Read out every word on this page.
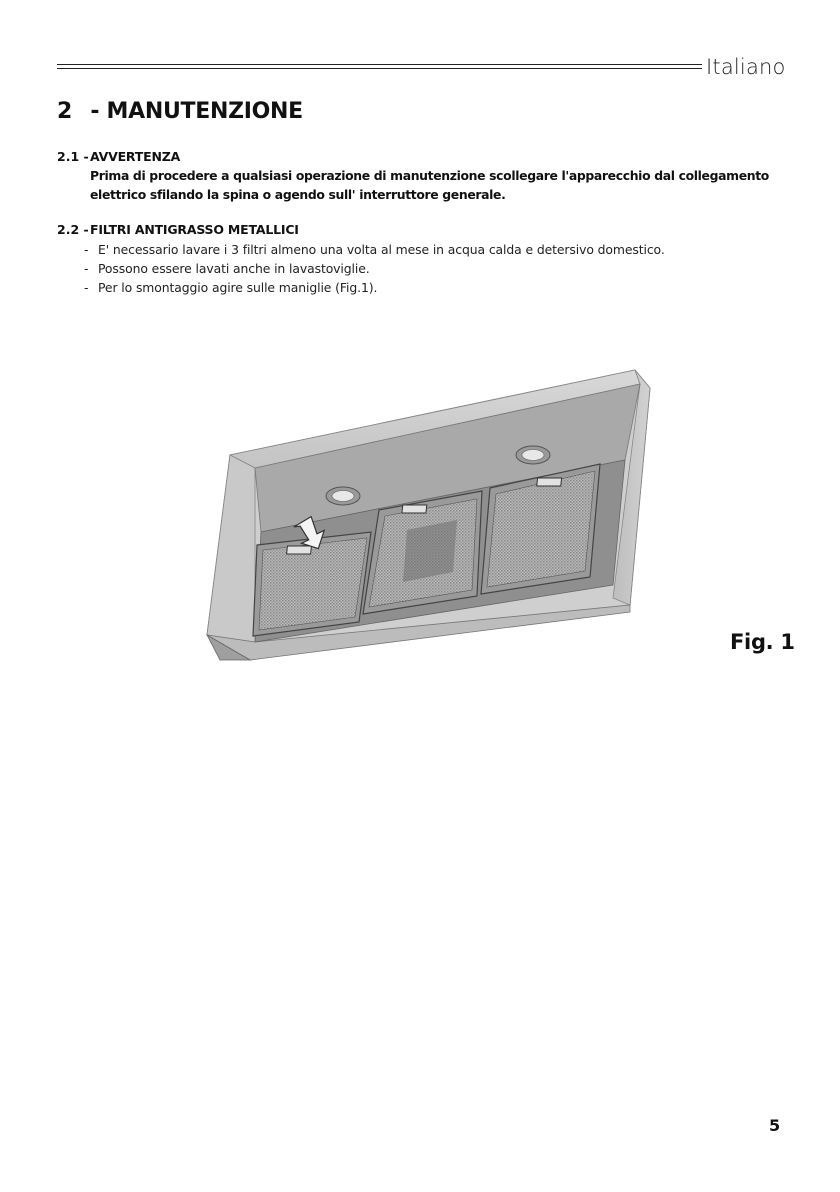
Italiano
2 - MANUTENZIONE
2.1 - AVVERTENZA
Prima di procedere a qualsiasi operazione di manutenzione scollegare l'apparecchio dal collegamento elettrico sfilando la spina o agendo sull' interruttore generale.
2.2 - FILTRI ANTIGRASSO METALLICI
- E' necessario lavare i 3 filtri almeno una volta al mese in acqua calda e detersivo domestico.
- Possono essere lavati anche in lavastoviglie.
- Per lo smontaggio agire sulle maniglie (Fig.1).
Fig. 1
5
